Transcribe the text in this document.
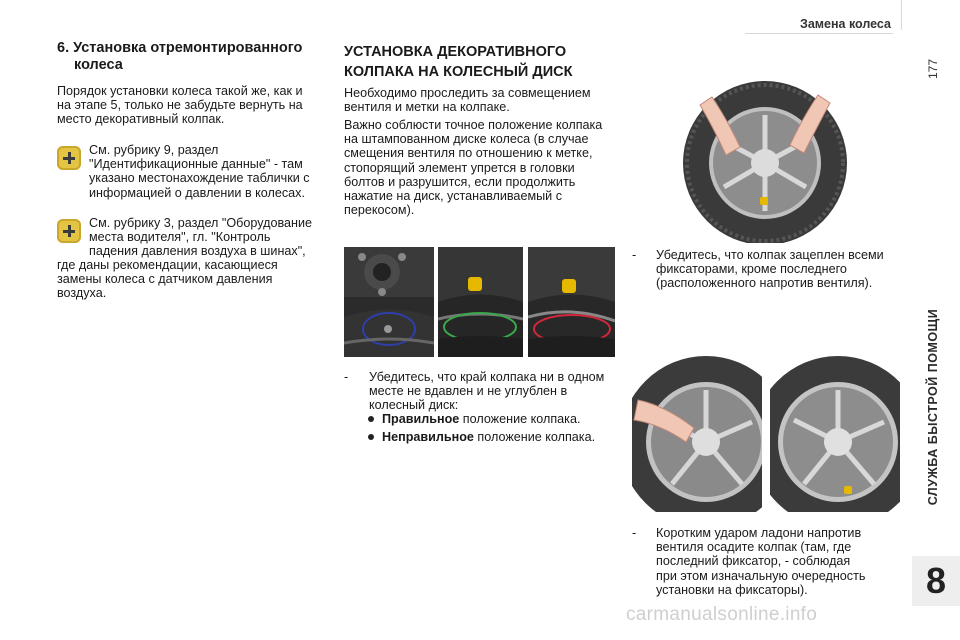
Замена колеса
177
СЛУЖБА БЫСТРОЙ ПОМОЩИ
8
6. Установка отремонтированного
колеса

Порядок установки колеса такой же, как и

на этапе 5, только не забудьте вернуть на

место декоративный колпак.

См. рубрику 9, раздел

"Идентификационные данные" - там

указано местонахождение таблички с

информацией о давлении в колесах.

См. рубрику 3, раздел "Оборудование

места водителя", гл. "Контроль

падения давления воздуха в шинах",

где даны рекомендации, касающиеся

замены колеса с датчиком давления

воздуха.

УСТАНОВКА ДЕКОРАТИВНОГО
КОЛПАКА НА КОЛЕСНЫЙ ДИСК

Необходимо проследить за совмещением

вентиля и метки на колпаке.

Важно соблюсти точное положение колпака

на штампованном диске колеса (в случае

смещения вентиля по отношению к метке,

стопорящий элемент упрется в головки

болтов и разрушится, если продолжить

нажатие на диск, устанавливаемый с

перекосом).

- Убедитесь, что край колпака ни в одном

месте не вдавлен и не углублен в

колесный диск:

Правильное положение колпака.
Неправильное положение колпака.
- Убедитесь, что колпак зацеплен всеми

фиксаторами, кроме последнего

(расположенного напротив вентиля).

- Коротким ударом ладони напротив

вентиля осадите колпак (там, где

последний фиксатор, - соблюдая

при этом изначальную очередность

установки на фиксаторы).

carmanualsonline.info
